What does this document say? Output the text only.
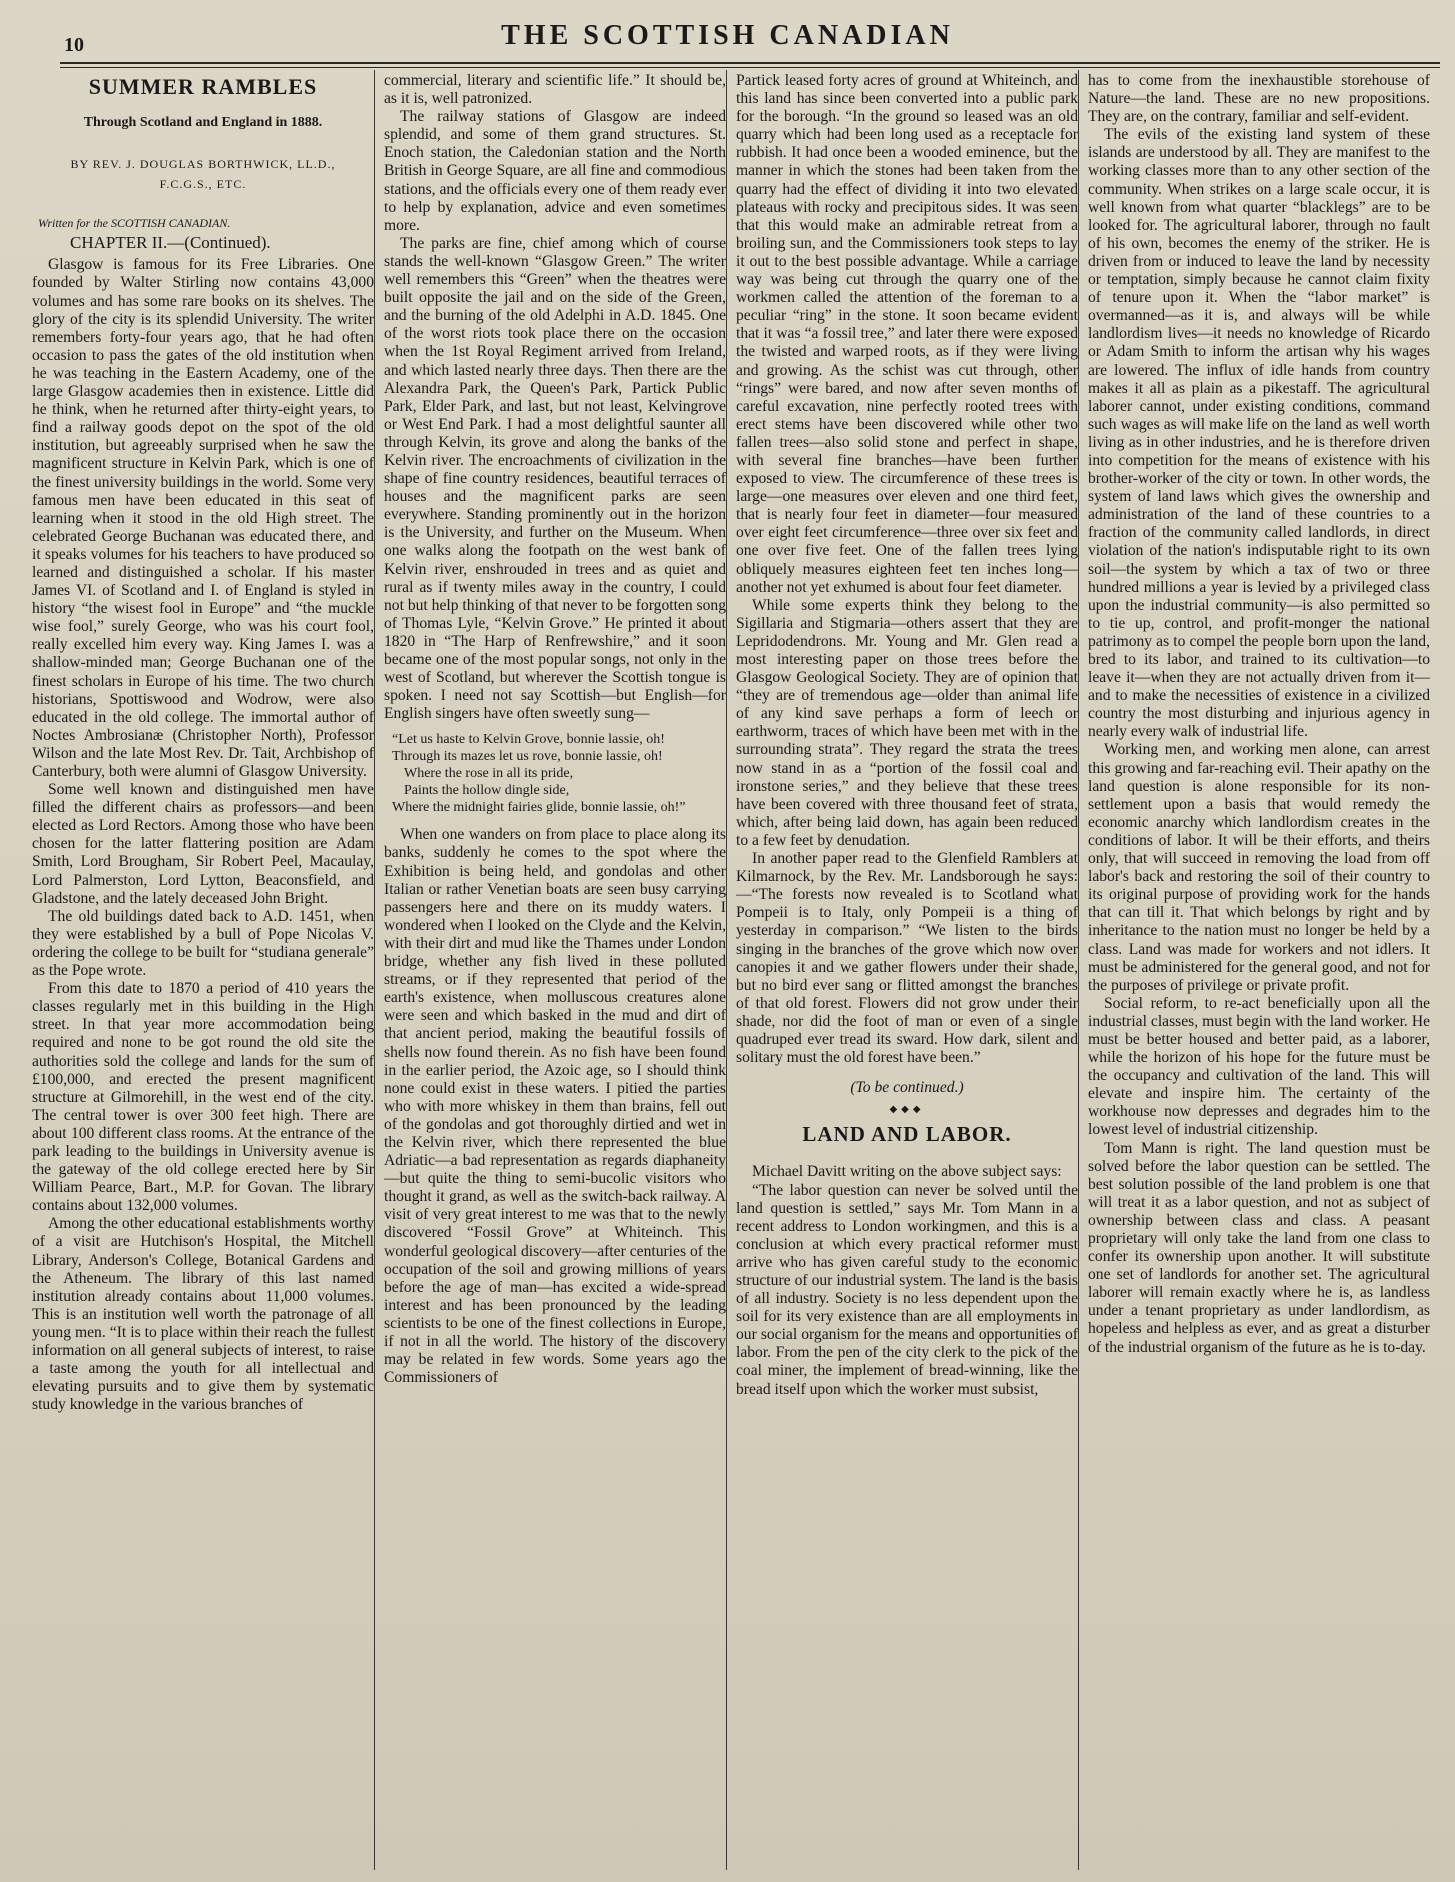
10	THE SCOTTISH CANADIAN
SUMMER RAMBLES
Through Scotland and England in 1888.
BY REV. J. DOUGLAS BORTHWICK, LL.D.,
F.C.G.S., ETC.
Written for the SCOTTISH CANADIAN.
CHAPTER II.—(Continued).

Glasgow is famous for its Free Libraries. One founded by Walter Stirling now contains 43,000 volumes and has some rare books on its shelves. The glory of the city is its splendid University. The writer remembers forty-four years ago, that he had often occasion to pass the gates of the old institution when he was teaching in the Eastern Academy, one of the large Glasgow academies then in existence. Little did he think, when he returned after thirty-eight years, to find a railway goods depot on the spot of the old institution, but agreeably surprised when he saw the magnificent structure in Kelvin Park, which is one of the finest university buildings in the world. Some very famous men have been educated in this seat of learning when it stood in the old High street. The celebrated George Buchanan was educated there, and it speaks volumes for his teachers to have produced so learned and distinguished a scholar. If his master James VI. of Scotland and I. of England is styled in history “the wisest fool in Europe” and “the muckle wise fool,” surely George, who was his court fool, really excelled him every way. King James I. was a shallow-minded man; George Buchanan one of the finest scholars in Europe of his time. The two church historians, Spottiswood and Wodrow, were also educated in the old college. The immortal author of Noctes Ambrosianæ (Christopher North), Professor Wilson and the late Most Rev. Dr. Tait, Archbishop of Canterbury, both were alumni of Glasgow University.

Some well known and distinguished men have filled the different chairs as professors—and been elected as Lord Rectors. Among those who have been chosen for the latter flattering position are Adam Smith, Lord Brougham, Sir Robert Peel, Macaulay, Lord Palmerston, Lord Lytton, Beaconsfield, and Gladstone, and the lately deceased John Bright.

The old buildings dated back to A.D. 1451, when they were established by a bull of Pope Nicolas V. ordering the college to be built for “studiana generale” as the Pope wrote.

From this date to 1870 a period of 410 years the classes regularly met in this building in the High street. In that year more accommodation being required and none to be got round the old site the authorities sold the college and lands for the sum of £100,000, and erected the present magnificent structure at Gilmorehill, in the west end of the city. The central tower is over 300 feet high. There are about 100 different class rooms. At the entrance of the park leading to the buildings in University avenue is the gateway of the old college erected here by Sir William Pearce, Bart., M.P. for Govan. The library contains about 132,000 volumes.

Among the other educational establishments worthy of a visit are Hutchison's Hospital, the Mitchell Library, Anderson's College, Botanical Gardens and the Atheneum. The library of this last named institution already contains about 11,000 volumes. This is an institution well worth the patronage of all young men. “It is to place within their reach the fullest information on all general subjects of interest, to raise a taste among the youth for all intellectual and elevating pursuits and to give them by systematic study knowledge in the various branches of

commercial, literary and scientific life.” It should be, as it is, well patronized.

The railway stations of Glasgow are indeed splendid, and some of them grand structures. St. Enoch station, the Caledonian station and the North British in George Square, are all fine and commodious stations, and the officials every one of them ready ever to help by explanation, advice and even sometimes more.

The parks are fine, chief among which of course stands the well-known “Glasgow Green.” The writer well remembers this “Green” when the theatres were built opposite the jail and on the side of the Green, and the burning of the old Adelphi in A.D. 1845. One of the worst riots took place there on the occasion when the 1st Royal Regiment arrived from Ireland, and which lasted nearly three days. Then there are the Alexandra Park, the Queen's Park, Partick Public Park, Elder Park, and last, but not least, Kelvingrove or West End Park. I had a most delightful saunter all through Kelvin, its grove and along the banks of the Kelvin river. The encroachments of civilization in the shape of fine country residences, beautiful terraces of houses and the magnificent parks are seen everywhere. Standing prominently out in the horizon is the University, and further on the Museum. When one walks along the footpath on the west bank of Kelvin river, enshrouded in trees and as quiet and rural as if twenty miles away in the country, I could not but help thinking of that never to be forgotten song of Thomas Lyle, “Kelvin Grove.” He printed it about 1820 in “The Harp of Renfrewshire,” and it soon became one of the most popular songs, not only in the west of Scotland, but wherever the Scottish tongue is spoken. I need not say Scottish—but English—for English singers have often sweetly sung—

“Let us haste to Kelvin Grove, bonnie lassie, oh!
Through its mazes let us rove, bonnie lassie, oh!
Where the rose in all its pride,
Paints the hollow dingle side,
Where the midnight fairies glide, bonnie lassie, oh!”

When one wanders on from place to place along its banks, suddenly he comes to the spot where the Exhibition is being held, and gondolas and other Italian or rather Venetian boats are seen busy carrying passengers here and there on its muddy waters. I wondered when I looked on the Clyde and the Kelvin, with their dirt and mud like the Thames under London bridge, whether any fish lived in these polluted streams, or if they represented that period of the earth's existence, when molluscous creatures alone were seen and which basked in the mud and dirt of that ancient period, making the beautiful fossils of shells now found therein. As no fish have been found in the earlier period, the Azoic age, so I should think none could exist in these waters. I pitied the parties who with more whiskey in them than brains, fell out of the gondolas and got thoroughly dirtied and wet in the Kelvin river, which there represented the blue Adriatic—a bad representation as regards diaphaneity—but quite the thing to semi-bucolic visitors who thought it grand, as well as the switch-back railway. A visit of very great interest to me was that to the newly discovered “Fossil Grove” at Whiteinch. This wonderful geological discovery—after centuries of the occupation of the soil and growing millions of years before the age of man—has excited a wide-spread interest and has been pronounced by the leading scientists to be one of the finest collections in Europe, if not in all the world. The history of the discovery may be related in few words. Some years ago the Commissioners of

Partick leased forty acres of ground at Whiteinch, and this land has since been converted into a public park for the borough. “In the ground so leased was an old quarry which had been long used as a receptacle for rubbish. It had once been a wooded eminence, but the manner in which the stones had been taken from the quarry had the effect of dividing it into two elevated plateaus with rocky and precipitous sides. It was seen that this would make an admirable retreat from a broiling sun, and the Commissioners took steps to lay it out to the best possible advantage. While a carriage way was being cut through the quarry one of the workmen called the attention of the foreman to a peculiar “ring” in the stone. It soon became evident that it was “a fossil tree,” and later there were exposed the twisted and warped roots, as if they were living and growing. As the schist was cut through, other “rings” were bared, and now after seven months of careful excavation, nine perfectly rooted trees with erect stems have been discovered while other two fallen trees—also solid stone and perfect in shape, with several fine branches—have been further exposed to view. The circumference of these trees is large—one measures over eleven and one third feet, that is nearly four feet in diameter—four measured over eight feet circumference—three over six feet and one over five feet. One of the fallen trees lying obliquely measures eighteen feet ten inches long—another not yet exhumed is about four feet diameter.

While some experts think they belong to the Sigillaria and Stigmaria—others assert that they are Lepridodendrons. Mr. Young and Mr. Glen read a most interesting paper on those trees before the Glasgow Geological Society. They are of opinion that “they are of tremendous age—older than animal life of any kind save perhaps a form of leech or earthworm, traces of which have been met with in the surrounding strata”. They regard the strata the trees now stand in as a “portion of the fossil coal and ironstone series,” and they believe that these trees have been covered with three thousand feet of strata, which, after being laid down, has again been reduced to a few feet by denudation.

In another paper read to the Glenfield Ramblers at Kilmarnock, by the Rev. Mr. Landsborough he says:—“The forests now revealed is to Scotland what Pompeii is to Italy, only Pompeii is a thing of yesterday in comparison.” “We listen to the birds singing in the branches of the grove which now over canopies it and we gather flowers under their shade, but no bird ever sang or flitted amongst the branches of that old forest. Flowers did not grow under their shade, nor did the foot of man or even of a single quadruped ever tread its sward. How dark, silent and solitary must the old forest have been.”

(To be continued.)
◆◆◆
LAND AND LABOR.

Michael Davitt writing on the above subject says:

“The labor question can never be solved until the land question is settled,” says Mr. Tom Mann in a recent address to London workingmen, and this is a conclusion at which every practical reformer must arrive who has given careful study to the economic structure of our industrial system. The land is the basis of all industry. Society is no less dependent upon the soil for its very existence than are all employments in our social organism for the means and opportunities of labor. From the pen of the city clerk to the pick of the coal miner, the implement of bread-winning, like the bread itself upon which the worker must subsist,

has to come from the inexhaustible storehouse of Nature—the land. These are no new propositions. They are, on the contrary, familiar and self-evident.

The evils of the existing land system of these islands are understood by all. They are manifest to the working classes more than to any other section of the community. When strikes on a large scale occur, it is well known from what quarter “blacklegs” are to be looked for. The agricultural laborer, through no fault of his own, becomes the enemy of the striker. He is driven from or induced to leave the land by necessity or temptation, simply because he cannot claim fixity of tenure upon it. When the “labor market” is overmanned—as it is, and always will be while landlordism lives—it needs no knowledge of Ricardo or Adam Smith to inform the artisan why his wages are lowered. The influx of idle hands from country makes it all as plain as a pikestaff. The agricultural laborer cannot, under existing conditions, command such wages as will make life on the land as well worth living as in other industries, and he is therefore driven into competition for the means of existence with his brother-worker of the city or town. In other words, the system of land laws which gives the ownership and administration of the land of these countries to a fraction of the community called landlords, in direct violation of the nation's indisputable right to its own soil—the system by which a tax of two or three hundred millions a year is levied by a privileged class upon the industrial community—is also permitted so to tie up, control, and profit-monger the national patrimony as to compel the people born upon the land, bred to its labor, and trained to its cultivation—to leave it—when they are not actually driven from it—and to make the necessities of existence in a civilized country the most disturbing and injurious agency in nearly every walk of industrial life.

Working men, and working men alone, can arrest this growing and far-reaching evil. Their apathy on the land question is alone responsible for its non-settlement upon a basis that would remedy the economic anarchy which landlordism creates in the conditions of labor. It will be their efforts, and theirs only, that will succeed in removing the load from off labor's back and restoring the soil of their country to its original purpose of providing work for the hands that can till it. That which belongs by right and by inheritance to the nation must no longer be held by a class. Land was made for workers and not idlers. It must be administered for the general good, and not for the purposes of privilege or private profit.

Social reform, to re-act beneficially upon all the industrial classes, must begin with the land worker. He must be better housed and better paid, as a laborer, while the horizon of his hope for the future must be the occupancy and cultivation of the land. This will elevate and inspire him. The certainty of the workhouse now depresses and degrades him to the lowest level of industrial citizenship.

Tom Mann is right. The land question must be solved before the labor question can be settled. The best solution possible of the land problem is one that will treat it as a labor question, and not as subject of ownership between class and class. A peasant proprietary will only take the land from one class to confer its ownership upon another. It will substitute one set of landlords for another set. The agricultural laborer will remain exactly where he is, as landless under a tenant proprietary as under landlordism, as hopeless and helpless as ever, and as great a disturber of the industrial organism of the future as he is to-day.
